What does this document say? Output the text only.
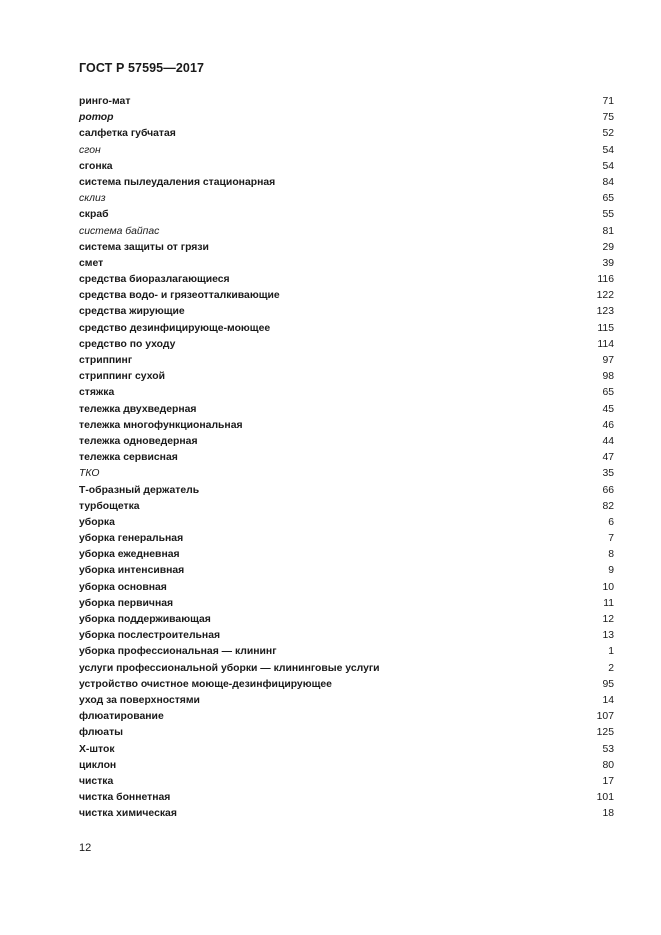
ГОСТ Р 57595—2017
ринго-мат	71
ротор	75
салфетка губчатая	52
сгон	54
сгонка	54
система пылеудаления стационарная	84
склиз	65
скраб	55
система байпас	81
система защиты от грязи	29
смет	39
средства биоразлагающиеся	116
средства водо- и грязеотталкивающие	122
средства жирующие	123
средство дезинфицирующе-моющее	115
средство по уходу	114
стриппинг	97
стриппинг сухой	98
стяжка	65
тележка двухведерная	45
тележка многофункциональная	46
тележка одноведерная	44
тележка сервисная	47
ТКО	35
Т-образный держатель	66
турбощетка	82
уборка	6
уборка генеральная	7
уборка ежедневная	8
уборка интенсивная	9
уборка основная	10
уборка первичная	11
уборка поддерживающая	12
уборка послестроительная	13
уборка профессиональная — клининг	1
услуги профессиональной уборки — клининговые услуги	2
устройство очистное моюще-дезинфицирующее	95
уход за поверхностями	14
флюатирование	107
флюаты	125
Х-шток	53
циклон	80
чистка	17
чистка боннетная	101
чистка химическая	18
12
